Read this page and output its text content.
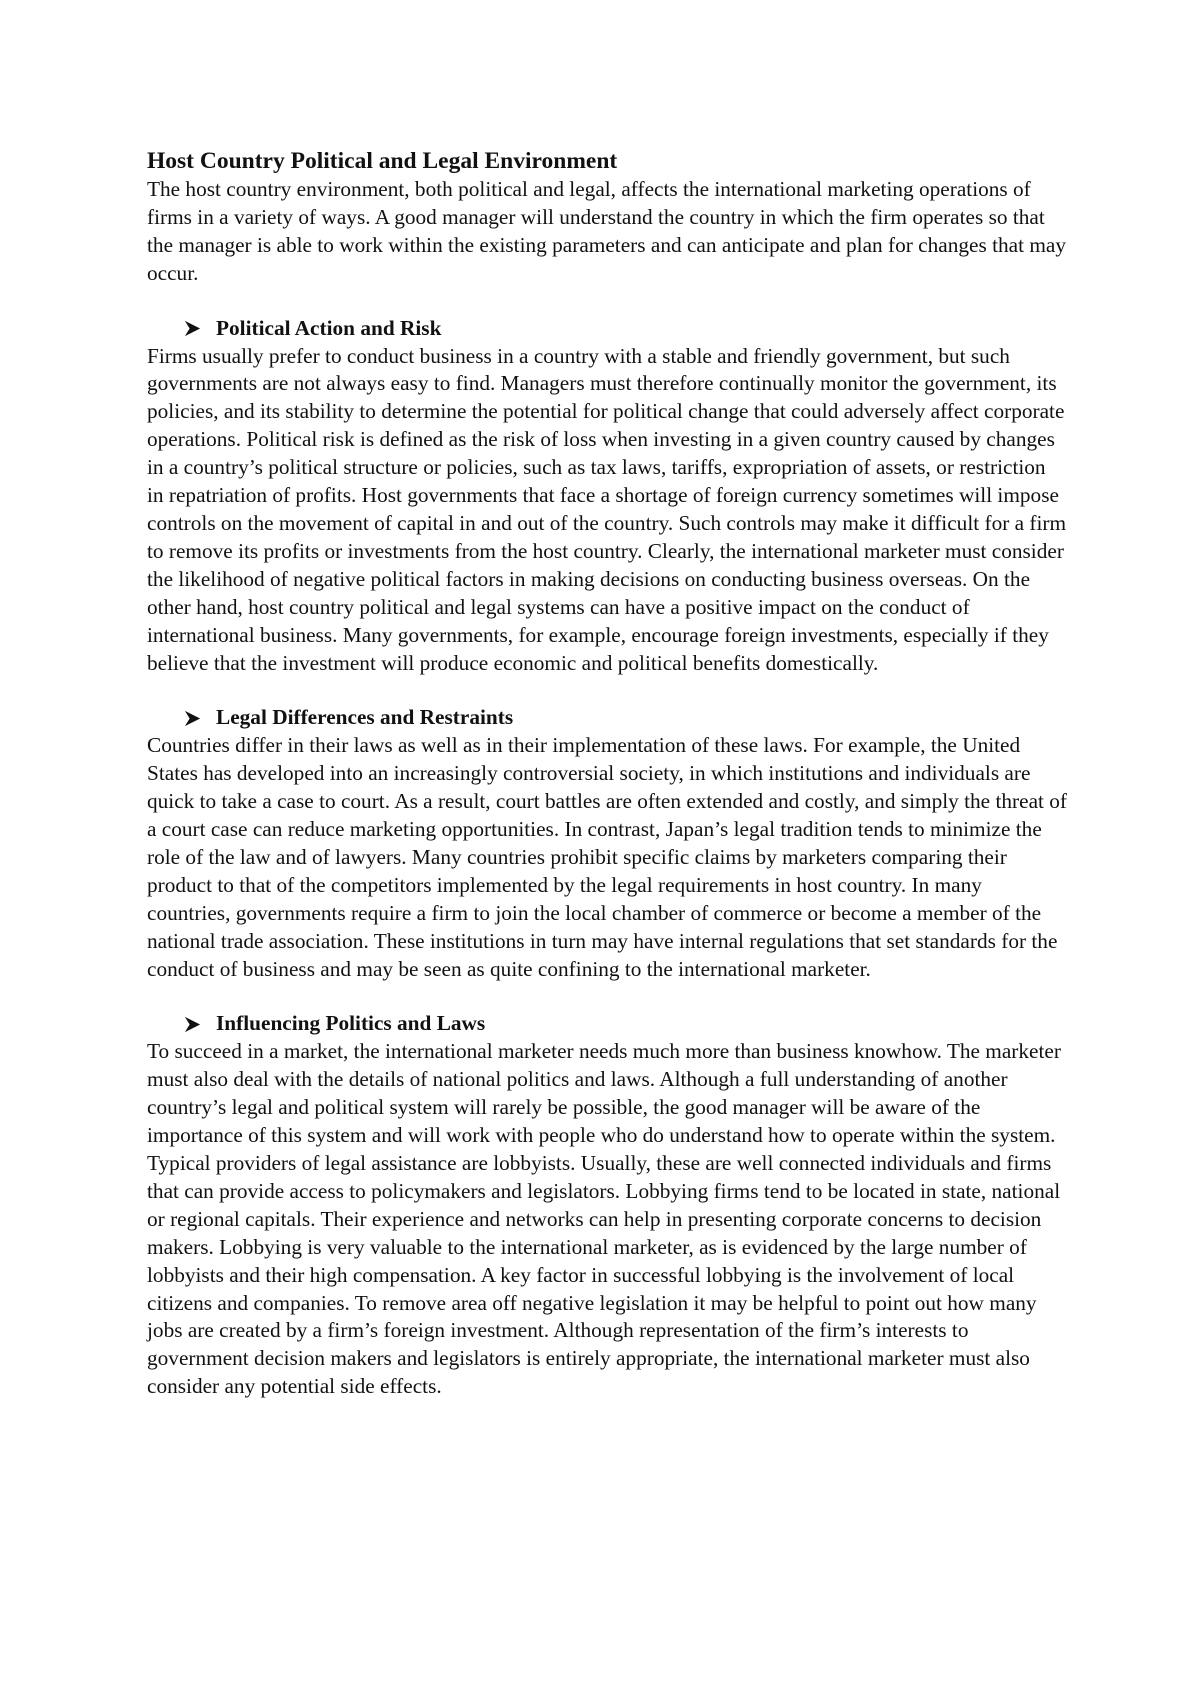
Host Country Political and Legal Environment

The host country environment, both political and legal, affects the international marketing operations of firms in a variety of ways. A good manager will understand the country in which the firm operates so that the manager is able to work within the existing parameters and can anticipate and plan for changes that may occur.

Political Action and Risk

Firms usually prefer to conduct business in a country with a stable and friendly government, but such governments are not always easy to find. Managers must therefore continually monitor the government, its policies, and its stability to determine the potential for political change that could adversely affect corporate operations. Political risk is defined as the risk of loss when investing in a given country caused by changes in a country’s political structure or policies, such as tax laws, tariffs, expropriation of assets, or restriction in repatriation of profits. Host governments that face a shortage of foreign currency sometimes will impose controls on the movement of capital in and out of the country. Such controls may make it difficult for a firm to remove its profits or investments from the host country. Clearly, the international marketer must consider the likelihood of negative political factors in making decisions on conducting business overseas. On the other hand, host country political and legal systems can have a positive impact on the conduct of international business. Many governments, for example, encourage foreign investments, especially if they believe that the investment will produce economic and political benefits domestically.

Legal Differences and Restraints

Countries differ in their laws as well as in their implementation of these laws. For example, the United States has developed into an increasingly controversial society, in which institutions and individuals are quick to take a case to court. As a result, court battles are often extended and costly, and simply the threat of a court case can reduce marketing opportunities. In contrast, Japan’s legal tradition tends to minimize the role of the law and of lawyers. Many countries prohibit specific claims by marketers comparing their product to that of the competitors implemented by the legal requirements in host country. In many countries, governments require a firm to join the local chamber of commerce or become a member of the national trade association. These institutions in turn may have internal regulations that set standards for the conduct of business and may be seen as quite confining to the international marketer.

Influencing Politics and Laws

To succeed in a market, the international marketer needs much more than business knowhow. The marketer must also deal with the details of national politics and laws. Although a full understanding of another country’s legal and political system will rarely be possible, the good manager will be aware of the importance of this system and will work with people who do understand how to operate within the system. Typical providers of legal assistance are lobbyists. Usually, these are well connected individuals and firms that can provide access to policymakers and legislators. Lobbying firms tend to be located in state, national or regional capitals. Their experience and networks can help in presenting corporate concerns to decision makers. Lobbying is very valuable to the international marketer, as is evidenced by the large number of lobbyists and their high compensation. A key factor in successful lobbying is the involvement of local citizens and companies. To remove area off negative legislation it may be helpful to point out how many jobs are created by a firm’s foreign investment. Although representation of the firm’s interests to government decision makers and legislators is entirely appropriate, the international marketer must also consider any potential side effects.
